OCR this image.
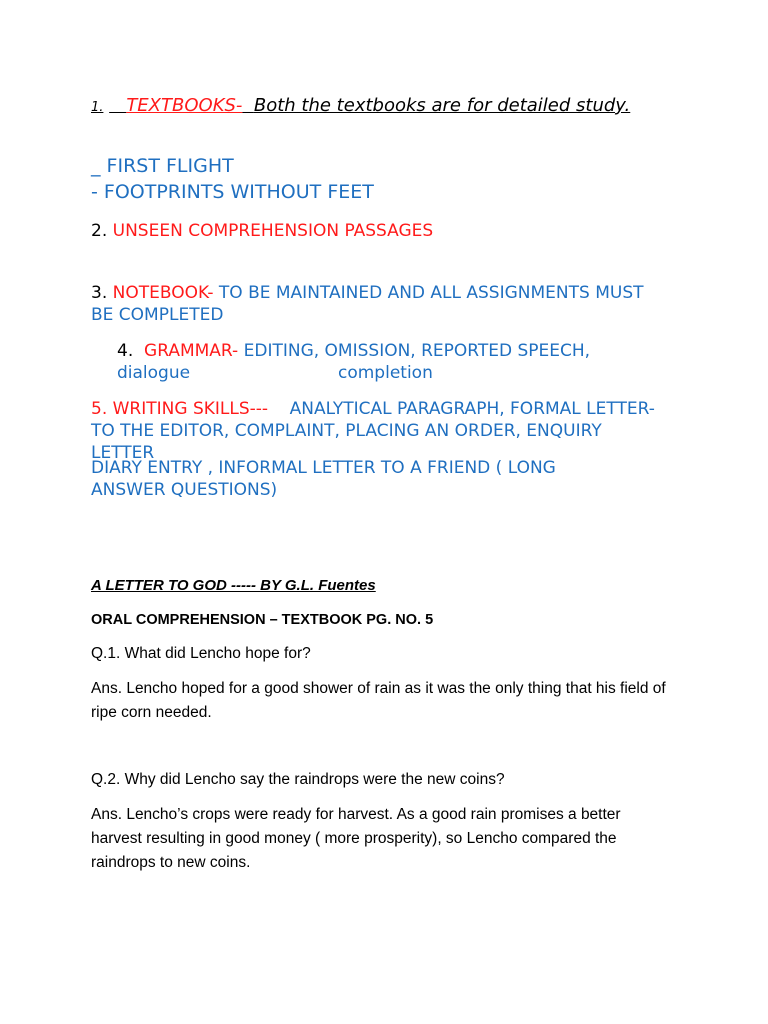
1. TEXTBOOKS- Both the textbooks are for detailed study.

_ FIRST FLIGHT

- FOOTPRINTS WITHOUT FEET

2. UNSEEN COMPREHENSION PASSAGES

3. NOTEBOOK- TO BE MAINTAINED AND ALL ASSIGNMENTS MUST BE COMPLETED

4. GRAMMAR- EDITING, OMISSION, REPORTED SPEECH, dialogue	completion

5. WRITING SKILLS--- ANALYTICAL PARAGRAPH, FORMAL LETTER- TO THE EDITOR, COMPLAINT, PLACING AN ORDER, ENQUIRY LETTER

DIARY ENTRY , INFORMAL LETTER TO A FRIEND ( LONG ANSWER QUESTIONS)

A LETTER TO GOD ----- BY G.L. Fuentes

ORAL COMPREHENSION – TEXTBOOK PG. NO. 5

Q.1. What did Lencho hope for?

Ans. Lencho hoped for a good shower of rain as it was the only thing that his field of ripe corn needed.

Q.2. Why did Lencho say the raindrops were the new coins?

Ans. Lencho’s crops were ready for harvest. As a good rain promises a better harvest resulting in good money ( more prosperity), so Lencho compared the raindrops to new coins.
